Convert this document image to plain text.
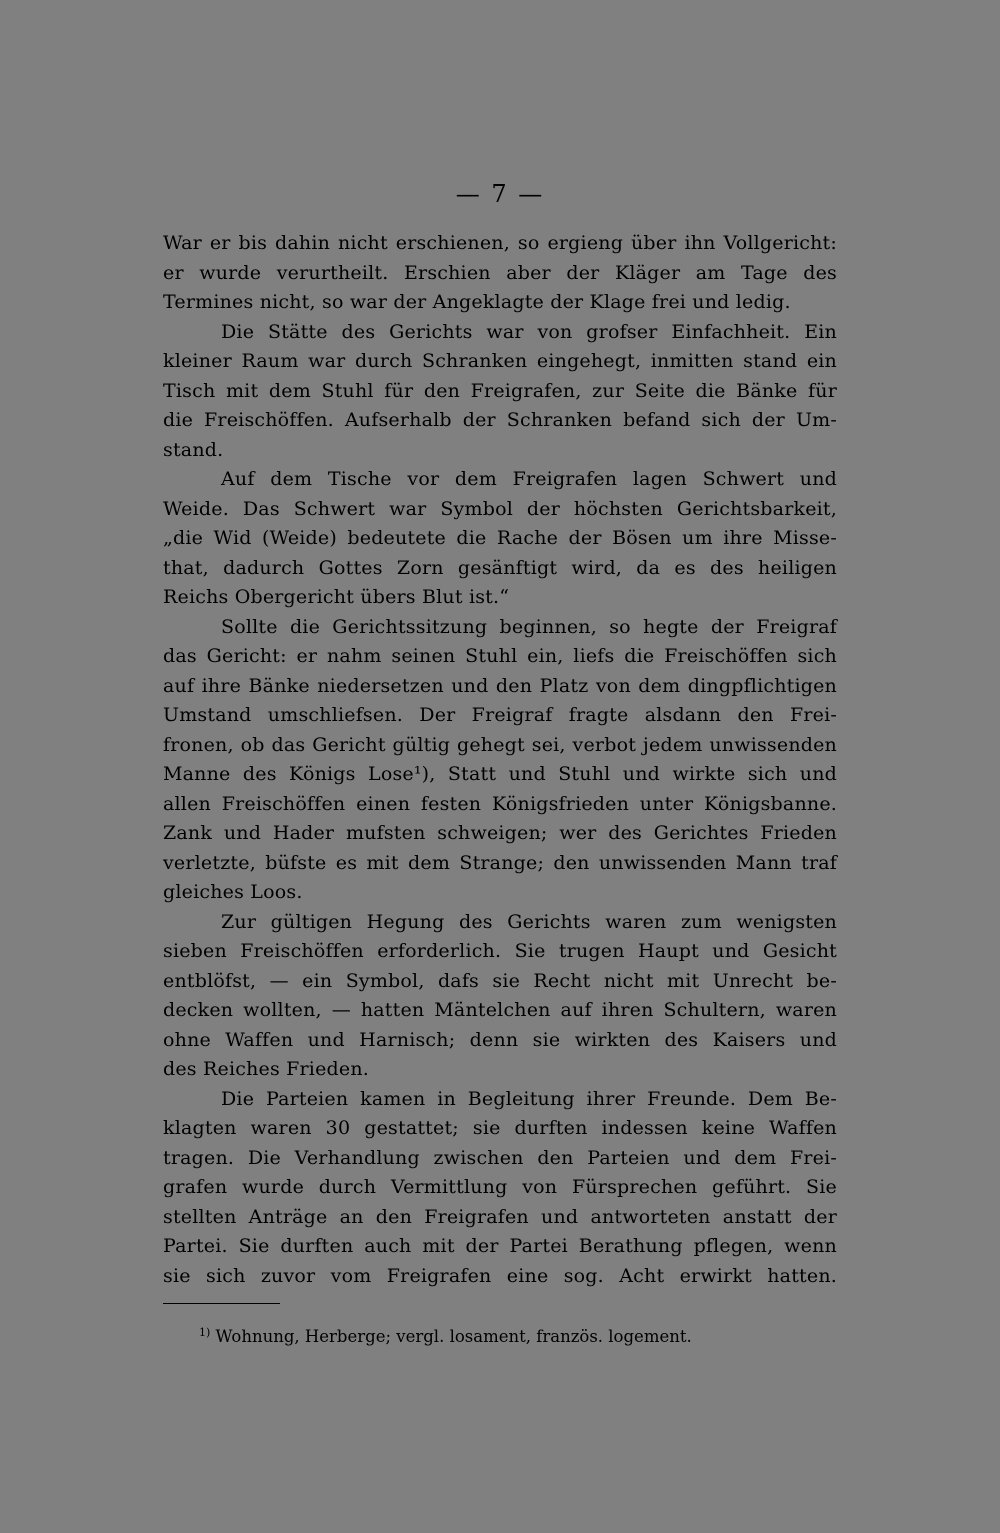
— 7 —
War er bis dahin nicht erschienen, so ergieng über ihn Vollgericht:
er wurde verurtheilt. Erschien aber der Kläger am Tage des
Termines nicht, so war der Angeklagte der Klage frei und ledig.
Die Stätte des Gerichts war von grofser Einfachheit. Ein
kleiner Raum war durch Schranken eingehegt, inmitten stand ein
Tisch mit dem Stuhl für den Freigrafen, zur Seite die Bänke für
die Freischöffen. Aufserhalb der Schranken befand sich der Um-
stand.
Auf dem Tische vor dem Freigrafen lagen Schwert und
Weide. Das Schwert war Symbol der höchsten Gerichtsbarkeit,
„die Wid (Weide) bedeutete die Rache der Bösen um ihre Misse-
that, dadurch Gottes Zorn gesänftigt wird, da es des heiligen
Reichs Obergericht übers Blut ist.“
Sollte die Gerichtssitzung beginnen, so hegte der Freigraf
das Gericht: er nahm seinen Stuhl ein, liefs die Freischöffen sich
auf ihre Bänke niedersetzen und den Platz von dem dingpflichtigen
Umstand umschliefsen. Der Freigraf fragte alsdann den Frei-
fronen, ob das Gericht gültig gehegt sei, verbot jedem unwissenden
Manne des Königs Lose¹), Statt und Stuhl und wirkte sich und
allen Freischöffen einen festen Königsfrieden unter Königsbanne.
Zank und Hader mufsten schweigen; wer des Gerichtes Frieden
verletzte, büfste es mit dem Strange; den unwissenden Mann traf
gleiches Loos.
Zur gültigen Hegung des Gerichts waren zum wenigsten
sieben Freischöffen erforderlich. Sie trugen Haupt und Gesicht
entblöfst, — ein Symbol, dafs sie Recht nicht mit Unrecht be-
decken wollten, — hatten Mäntelchen auf ihren Schultern, waren
ohne Waffen und Harnisch; denn sie wirkten des Kaisers und
des Reiches Frieden.
Die Parteien kamen in Begleitung ihrer Freunde. Dem Be-
klagten waren 30 gestattet; sie durften indessen keine Waffen
tragen. Die Verhandlung zwischen den Parteien und dem Frei-
grafen wurde durch Vermittlung von Fürsprechen geführt. Sie
stellten Anträge an den Freigrafen und antworteten anstatt der
Partei. Sie durften auch mit der Partei Berathung pflegen, wenn
sie sich zuvor vom Freigrafen eine sog. Acht erwirkt hatten.
$^{1)}$ Wohnung, Herberge; vergl. losament, französ. logement.
